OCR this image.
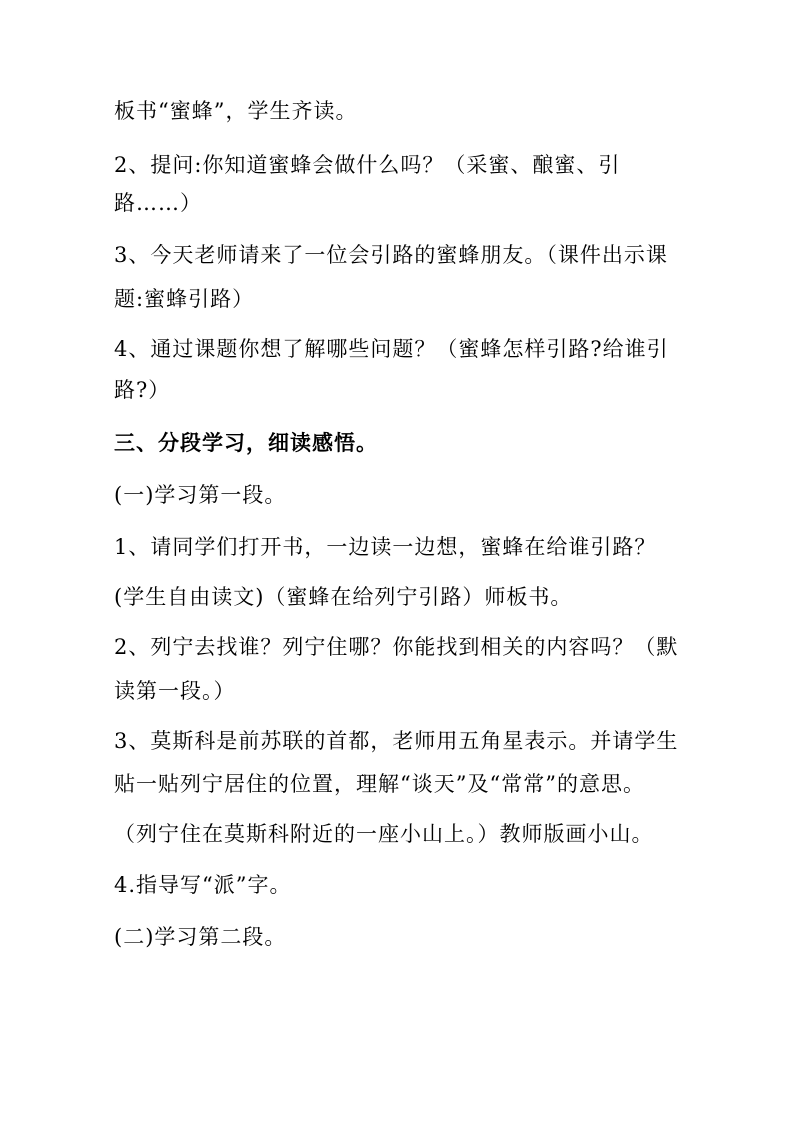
板书“蜜蜂”，学生齐读。
2、提问:你知道蜜蜂会做什么吗？（采蜜、酿蜜、引
路……）
3、今天老师请来了一位会引路的蜜蜂朋友。（课件出示课
题:蜜蜂引路）
4、通过课题你想了解哪些问题？（蜜蜂怎样引路?给谁引
路?）
三、分段学习，细读感悟。
(一)学习第一段。
1、请同学们打开书，一边读一边想，蜜蜂在给谁引路？
(学生自由读文)（蜜蜂在给列宁引路）师板书。
2、列宁去找谁？列宁住哪？你能找到相关的内容吗？（默
读第一段。）
3、莫斯科是前苏联的首都，老师用五角星表示。并请学生
贴一贴列宁居住的位置，理解“谈天”及“常常”的意思。
（列宁住在莫斯科附近的一座小山上。）教师版画小山。
4.指导写“派”字。
(二)学习第二段。
